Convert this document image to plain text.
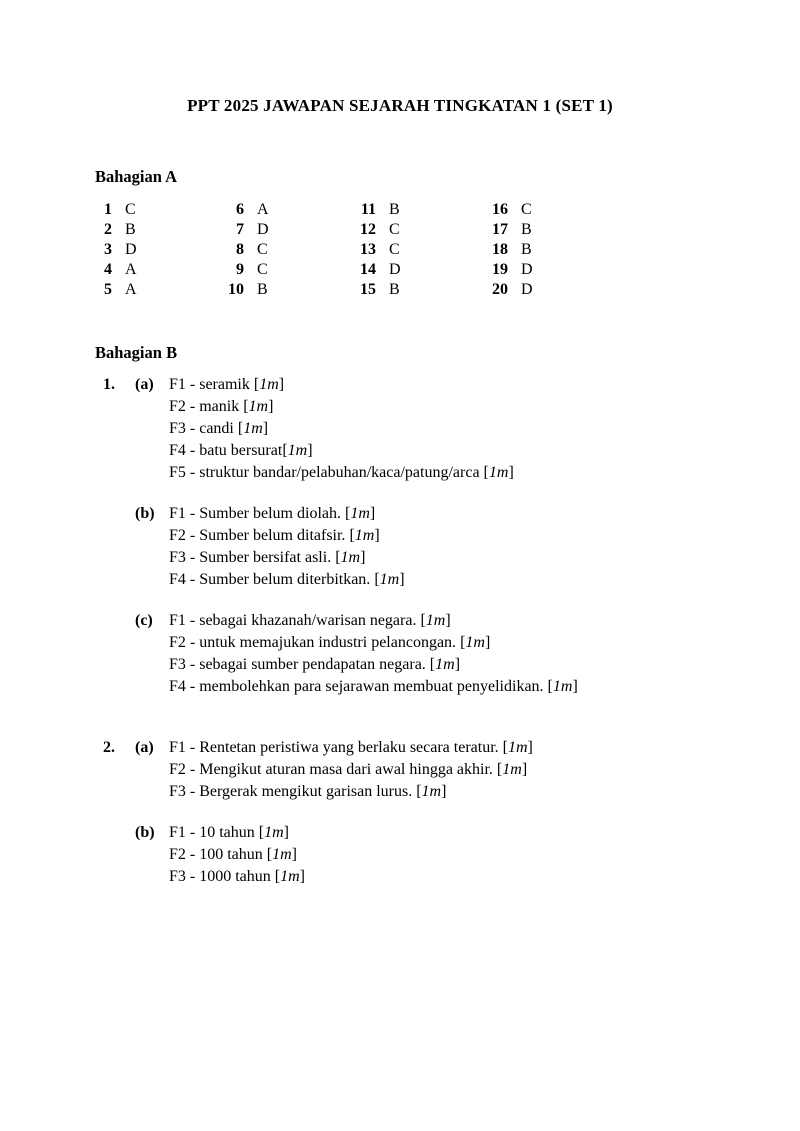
PPT 2025 JAWAPAN SEJARAH TINGKATAN 1 (SET 1)
Bahagian A
1 C
2 B
3 D
4 A
5 A
6 A
7 D
8 C
9 C
10 B
11 B
12 C
13 C
14 D
15 B
16 C
17 B
18 B
19 D
20 D
Bahagian B
1.	(a) F1 - seramik [1m]
F2 - manik [1m]
F3 - candi [1m]
F4 - batu bersurat[1m]
F5 - struktur bandar/pelabuhan/kaca/patung/arca [1m]
(b) F1 - Sumber belum diolah. [1m]
F2 - Sumber belum ditafsir. [1m]
F3 - Sumber bersifat asli. [1m]
F4 - Sumber belum diterbitkan. [1m]
(c)	F1 - sebagai khazanah/warisan negara. [1m]
F2 - untuk memajukan industri pelancongan. [1m]
F3 - sebagai sumber pendapatan negara. [1m]
F4 - membolehkan para sejarawan membuat penyelidikan. [1m]
2.	(a) F1 - Rentetan peristiwa yang berlaku secara teratur. [1m]
F2 - Mengikut aturan masa dari awal hingga akhir. [1m]
F3 - Bergerak mengikut garisan lurus. [1m]
(b) F1 - 10 tahun [1m]
F2 - 100 tahun [1m]
F3 - 1000 tahun [1m]
